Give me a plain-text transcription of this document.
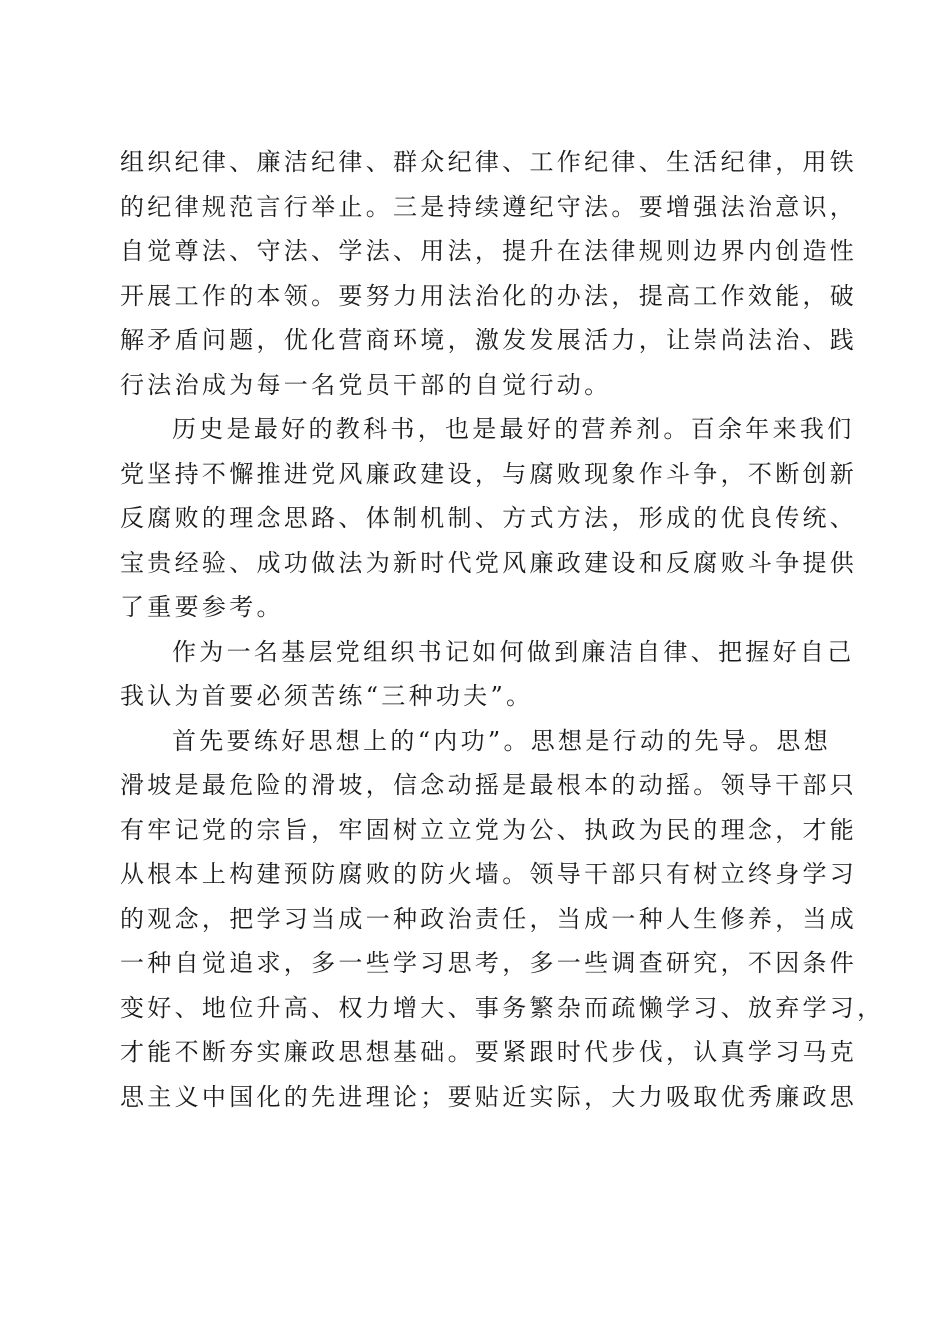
组织纪律、廉洁纪律、群众纪律、工作纪律、生活纪律，用铁
的纪律规范言行举止。三是持续遵纪守法。要增强法治意识，
自觉尊法、守法、学法、用法，提升在法律规则边界内创造性
开展工作的本领。要努力用法治化的办法，提高工作效能，破
解矛盾问题，优化营商环境，激发发展活力，让崇尚法治、践
行法治成为每一名党员干部的自觉行动。
历史是最好的教科书，也是最好的营养剂。百余年来我们
党坚持不懈推进党风廉政建设，与腐败现象作斗争，不断创新
反腐败的理念思路、体制机制、方式方法，形成的优良传统、
宝贵经验、成功做法为新时代党风廉政建设和反腐败斗争提供
了重要参考。
作为一名基层党组织书记如何做到廉洁自律、把握好自己
我认为首要必须苦练“三种功夫”。
首先要练好思想上的“内功”。思想是行动的先导。思想
滑坡是最危险的滑坡，信念动摇是最根本的动摇。领导干部只
有牢记党的宗旨，牢固树立立党为公、执政为民的理念，才能
从根本上构建预防腐败的防火墙。领导干部只有树立终身学习
的观念，把学习当成一种政治责任，当成一种人生修养，当成
一种自觉追求，多一些学习思考，多一些调查研究，不因条件
变好、地位升高、权力增大、事务繁杂而疏懒学习、放弃学习，
才能不断夯实廉政思想基础。要紧跟时代步伐，认真学习马克
思主义中国化的先进理论；要贴近实际，大力吸取优秀廉政思
